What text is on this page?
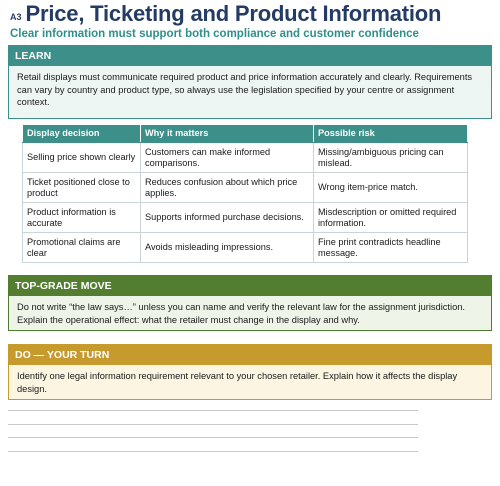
A3 Price, Ticketing and Product Information
Clear information must support both compliance and customer confidence
LEARN
Retail displays must communicate required product and price information accurately and clearly. Requirements can vary by country and product type, so always use the legislation specified by your centre or assignment context.
Display decision	Why it matters	Possible risk
Selling price shown clearly	Customers can make informed comparisons.	Missing/ambiguous pricing can mislead.
Ticket positioned close to product	Reduces confusion about which price applies.	Wrong item-price match.
Product information is accurate	Supports informed purchase decisions.	Misdescription or omitted required information.
Promotional claims are clear	Avoids misleading impressions.	Fine print contradicts headline message.
TOP-GRADE MOVE
Do not write “the law says…” unless you can name and verify the relevant law for the assignment jurisdiction. Explain the operational effect: what the retailer must change in the display and why.
DO — YOUR TURN
Identify one legal information requirement relevant to your chosen retailer. Explain how it affects the display design.
